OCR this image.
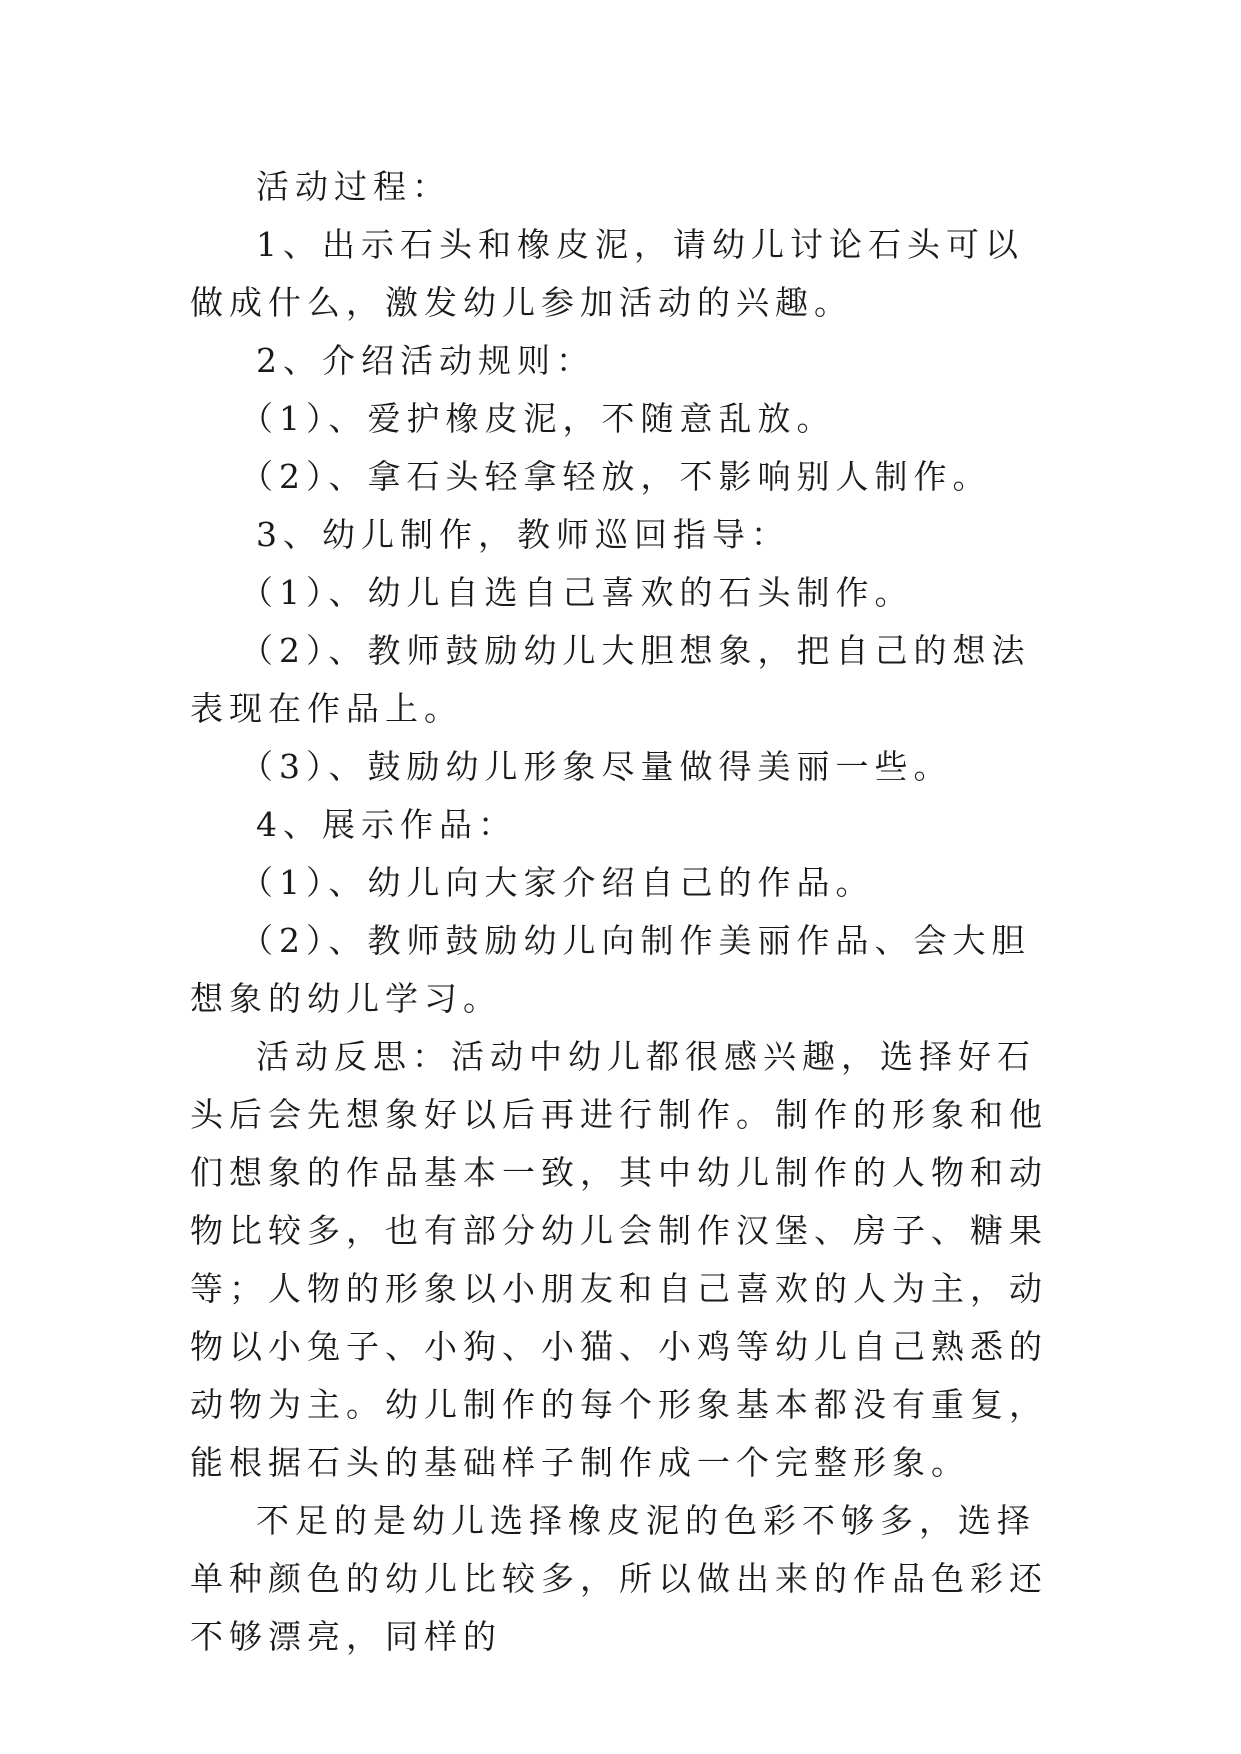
活动过程：

1、出示石头和橡皮泥，请幼儿讨论石头可以做成什么，激发幼儿参加活动的兴趣。

2、介绍活动规则：

（1）、爱护橡皮泥，不随意乱放。

（2）、拿石头轻拿轻放，不影响别人制作。

3、幼儿制作，教师巡回指导：

（1）、幼儿自选自己喜欢的石头制作。

（2）、教师鼓励幼儿大胆想象，把自己的想法表现在作品上。

（3）、鼓励幼儿形象尽量做得美丽一些。

4、展示作品：

（1）、幼儿向大家介绍自己的作品。

（2）、教师鼓励幼儿向制作美丽作品、会大胆想象的幼儿学习。

活动反思：活动中幼儿都很感兴趣，选择好石头后会先想象好以后再进行制作。制作的形象和他们想象的作品基本一致，其中幼儿制作的人物和动物比较多，也有部分幼儿会制作汉堡、房子、糖果等；人物的形象以小朋友和自己喜欢的人为主，动物以小兔子、小狗、小猫、小鸡等幼儿自己熟悉的动物为主。幼儿制作的每个形象基本都没有重复，能根据石头的基础样子制作成一个完整形象。

不足的是幼儿选择橡皮泥的色彩不够多，选择单种颜色的幼儿比较多，所以做出来的作品色彩还不够漂亮，同样的
